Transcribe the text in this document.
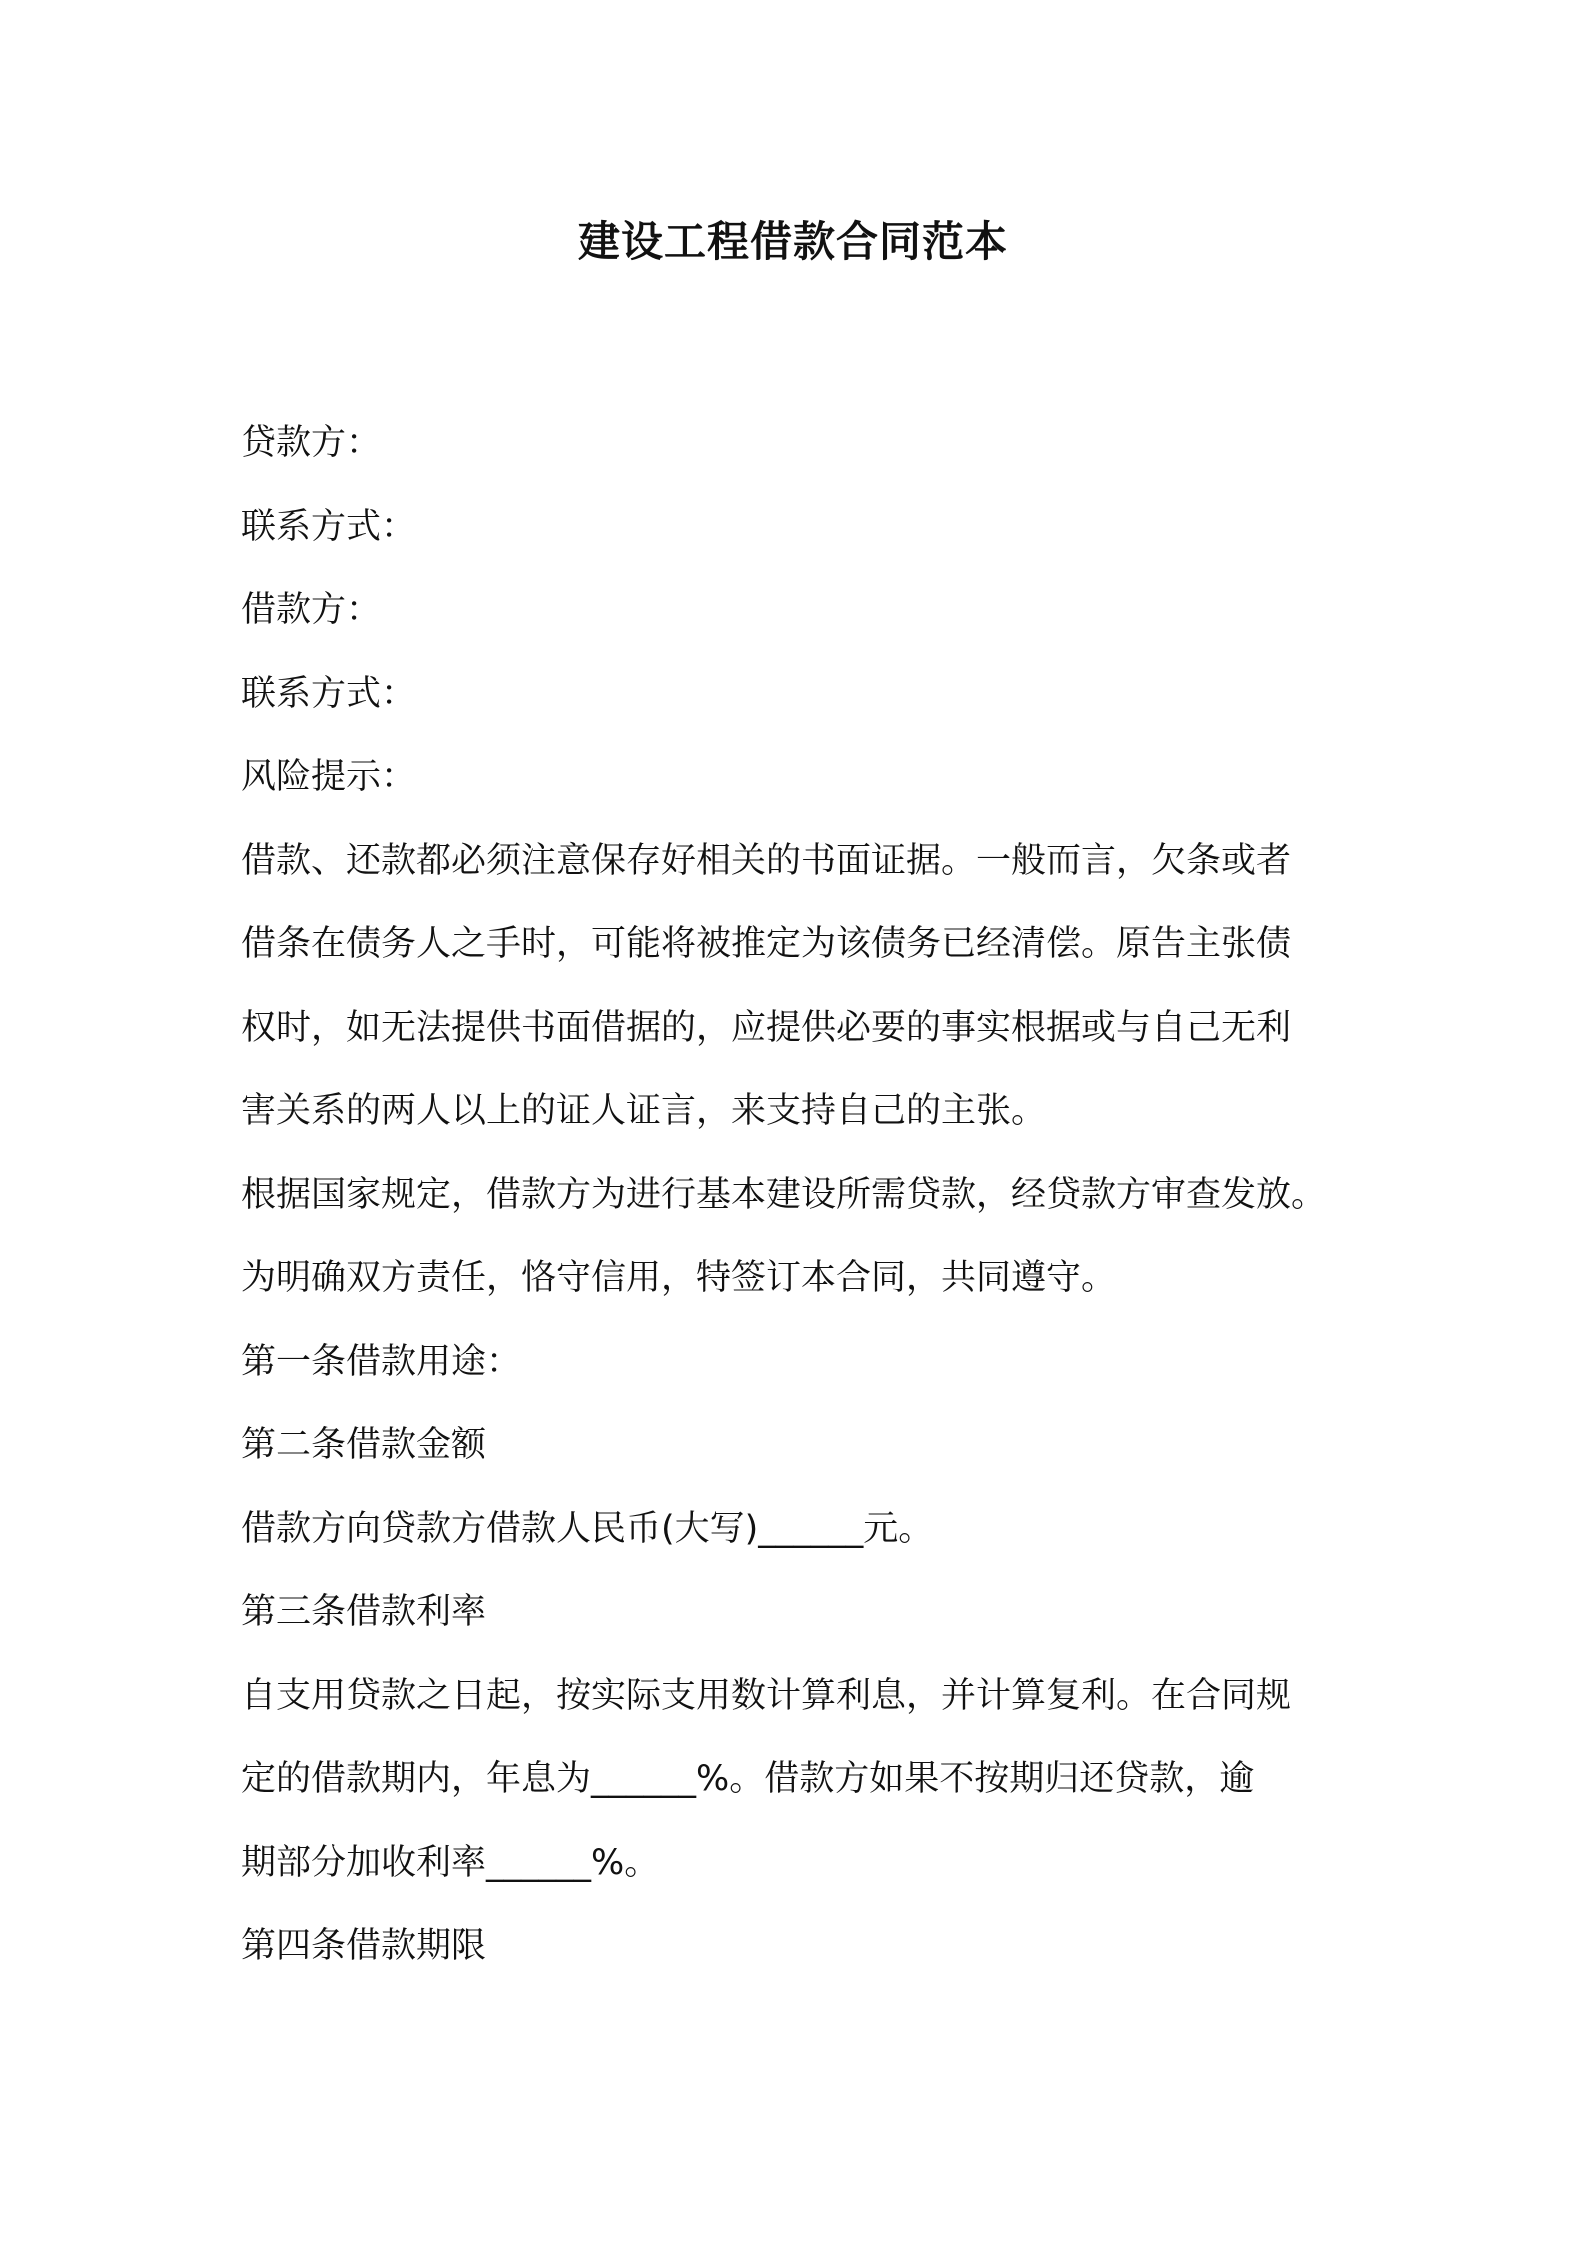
建设工程借款合同范本

贷款方：

联系方式：

借款方：

联系方式：

风险提示：

借款、还款都必须注意保存好相关的书面证据。一般而言，欠条或者

借条在债务人之手时，可能将被推定为该债务已经清偿。原告主张债

权时，如无法提供书面借据的，应提供必要的事实根据或与自己无利

害关系的两人以上的证人证言，来支持自己的主张。

根据国家规定，借款方为进行基本建设所需贷款，经贷款方审查发放。

为明确双方责任，恪守信用，特签订本合同，共同遵守。

第一条借款用途：

第二条借款金额

借款方向贷款方借款人民币(大写)______元。

第三条借款利率

自支用贷款之日起，按实际支用数计算利息，并计算复利。在合同规

定的借款期内，年息为______%。借款方如果不按期归还贷款，逾

期部分加收利率______%。

第四条借款期限
